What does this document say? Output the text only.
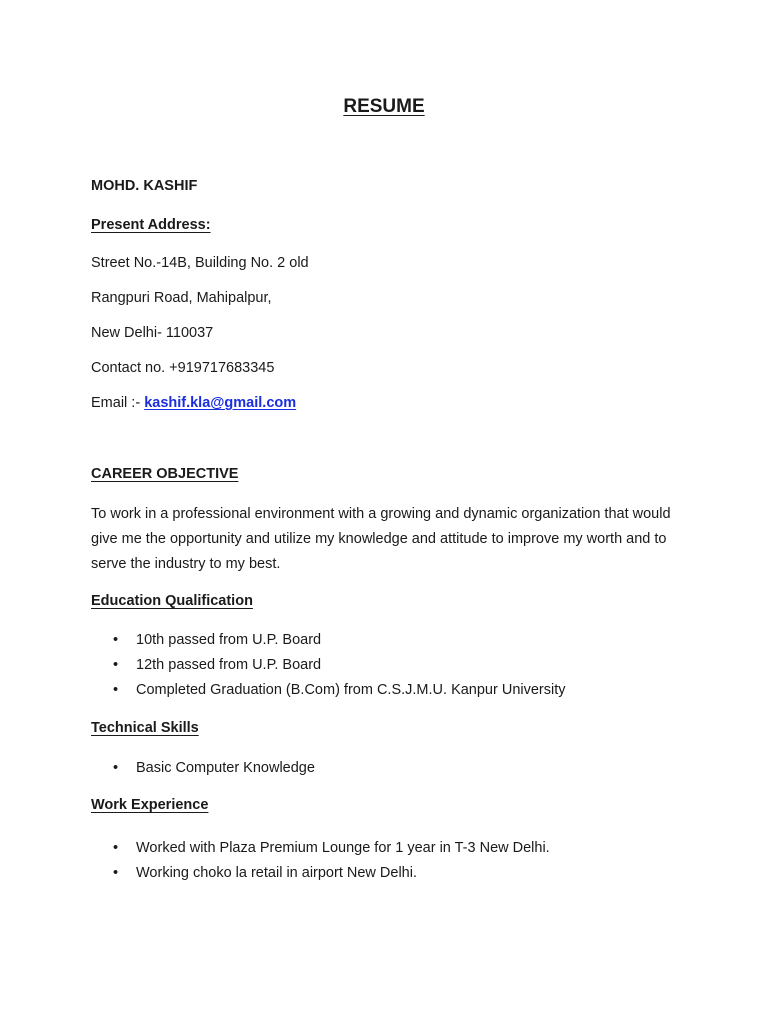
RESUME
MOHD. KASHIF
Present Address:
Street No.-14B, Building No. 2 old
Rangpuri Road, Mahipalpur,
New Delhi- 110037
Contact no. +919717683345
Email :- kashif.kla@gmail.com
CAREER OBJECTIVE
To work in a professional environment with a growing and dynamic organization that would give me the opportunity and utilize my knowledge and attitude to improve my worth and to serve the industry to my best.
Education Qualification
• 10th passed from U.P. Board
• 12th passed from U.P. Board
• Completed Graduation (B.Com) from C.S.J.M.U. Kanpur University
Technical Skills
• Basic Computer Knowledge
Work Experience
• Worked with Plaza Premium Lounge for 1 year in T-3 New Delhi.
• Working choko la retail in airport New Delhi.
